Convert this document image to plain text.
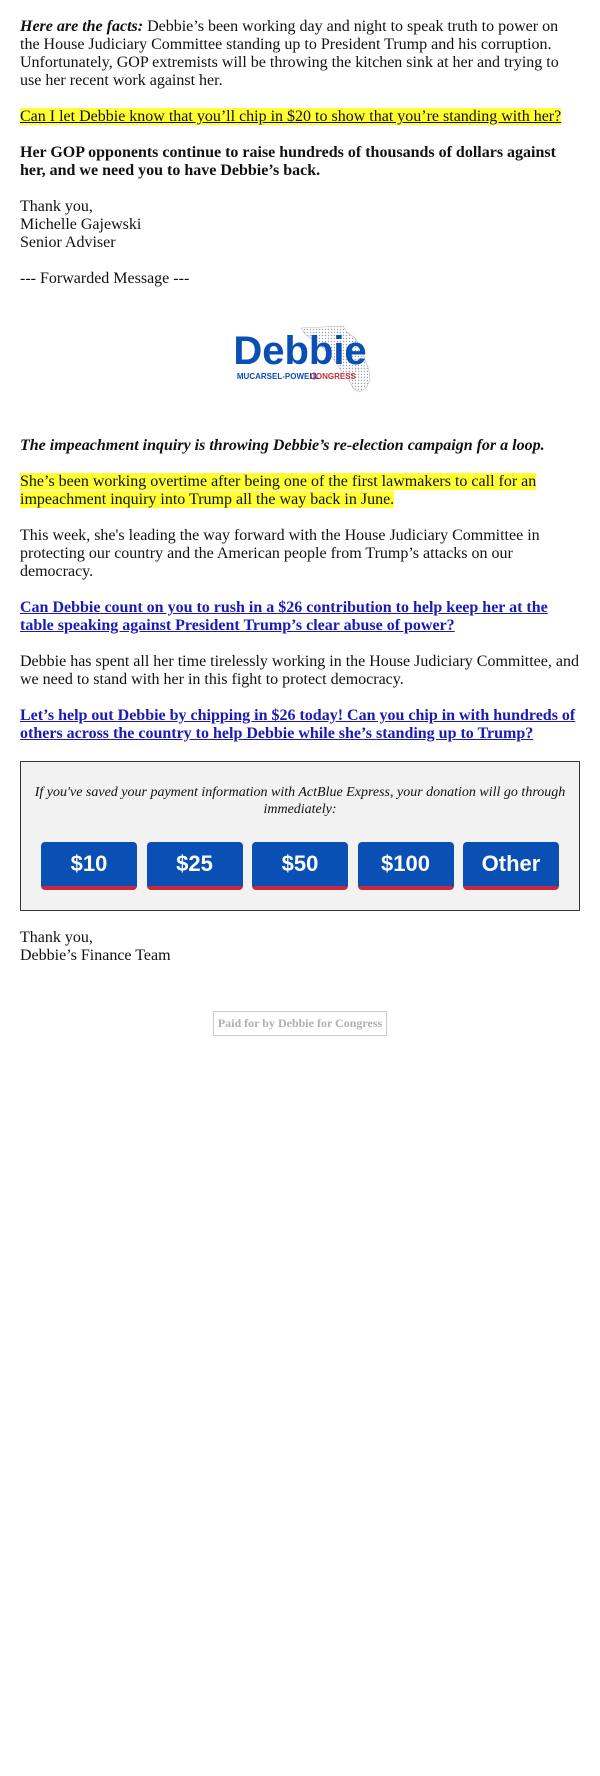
Here are the facts: Debbie’s been working day and night to speak truth to power on the House Judiciary Committee standing up to President Trump and his corruption. Unfortunately, GOP extremists will be throwing the kitchen sink at her and trying to use her recent work against her.

Can I let Debbie know that you’ll chip in $20 to show that you’re standing with her?

Her GOP opponents continue to raise hundreds of thousands of dollars against her, and we need you to have Debbie’s back.

Thank you,

Michelle Gajewski

Senior Adviser

--- Forwarded Message ---

Debbie
MUCARSEL-POWELL
CONGRESS

The impeachment inquiry is throwing Debbie’s re-election campaign for a loop.

She’s been working overtime after being one of the first lawmakers to call for an impeachment inquiry into Trump all the way back in June.

This week, she's leading the way forward with the House Judiciary Committee in protecting our country and the American people from Trump’s attacks on our democracy.

Can Debbie count on you to rush in a $26 contribution to help keep her at the table speaking against President Trump’s clear abuse of power?

Debbie has spent all her time tirelessly working in the House Judiciary Committee, and we need to stand with her in this fight to protect democracy.

Let’s help out Debbie by chipping in $26 today! Can you chip in with hundreds of others across the country to help Debbie while she’s standing up to Trump?

If you've saved your payment information with ActBlue Express, your donation will go through immediately:

$10	$25	$50	$100	Other

Thank you,

Debbie’s Finance Team

Paid for by Debbie for Congress
